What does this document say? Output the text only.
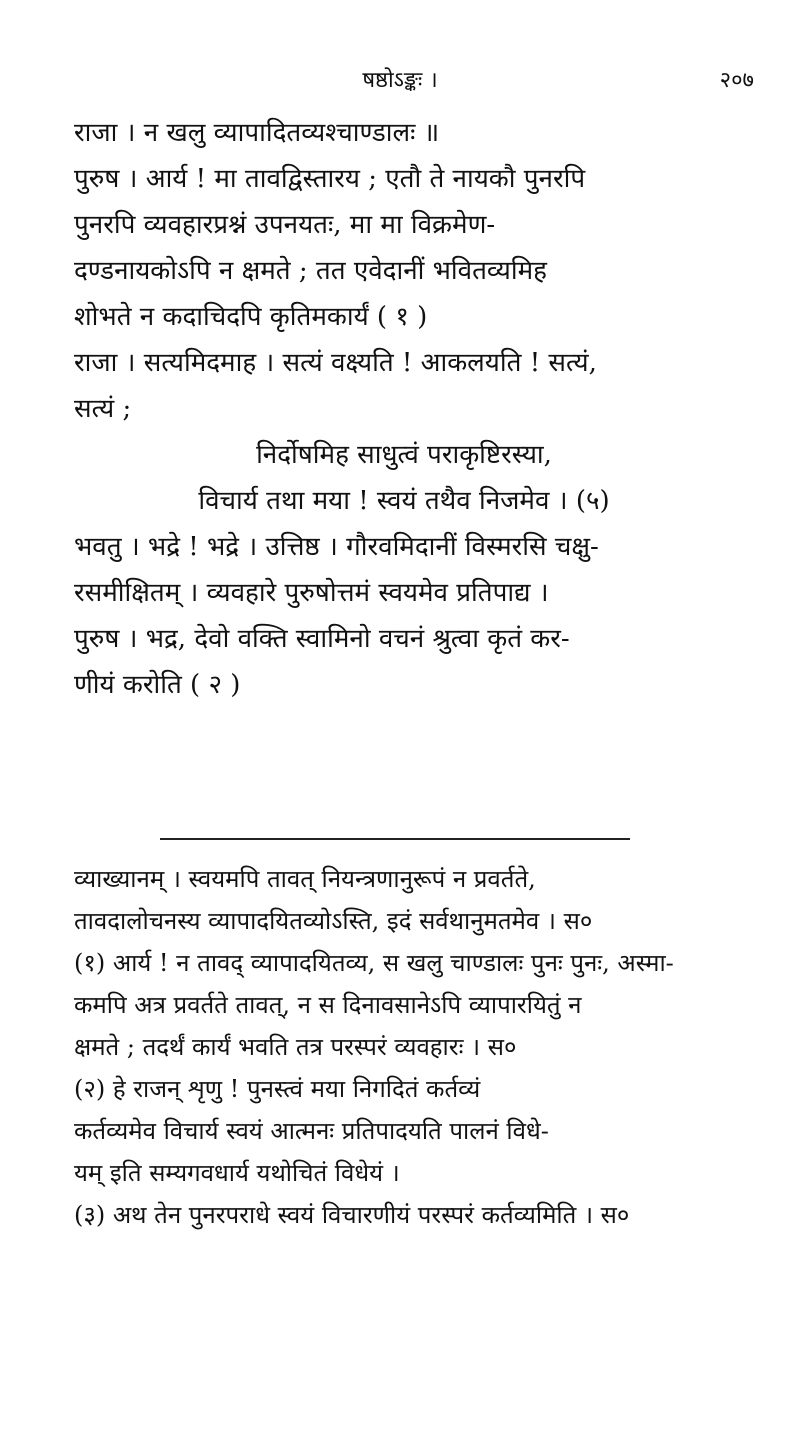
षष्ठोऽङ्कः ।	२०७
राजा । न खलु व्यापादितव्यश्चाण्डालः ॥
पुरुष । आर्य ! मा तावद्विस्तारय ; एतौ ते नायकौ पुनरपि
पुनरपि व्यवहारप्रश्नं उपनयतः, मा मा विक्रमेण-
दण्डनायकोऽपि न क्षमते ; तत एवेदानीं भवितव्यमिह
शोभते न कदाचिदपि कृतिमकार्यं ( १ )
राजा । सत्यमिदमाह । सत्यं वक्ष्यति ! आकलयति ! सत्यं,
सत्यं ;
निर्दोषमिह साधुत्वं पराकृष्टिरस्या,
विचार्य तथा मया ! स्वयं तथैव निजमेव । (५)
भवतु । भद्रे ! भद्रे । उत्तिष्ठ । गौरवमिदानीं विस्मरसि चक्षु-
रसमीक्षितम् । व्यवहारे पुरुषोत्तमं स्वयमेव प्रतिपाद्य ।
पुरुष । भद्र, देवो वक्ति स्वामिनो वचनं श्रुत्वा कृतं कर-
णीयं करोति ( २ )
व्याख्यानम् । स्वयमपि तावत् नियन्त्रणानुरूपं न प्रवर्तते,
तावदालोचनस्य व्यापादयितव्योऽस्ति, इदं सर्वथानुमतमेव । स०
(१) आर्य ! न तावद् व्यापादयितव्य, स खलु चाण्डालः पुनः पुनः, अस्मा-
कमपि अत्र प्रवर्तते तावत्, न स दिनावसानेऽपि व्यापारयितुं न
क्षमते ; तदर्थं कार्यं भवति तत्र परस्परं व्यवहारः । स०
(२) हे राजन् शृणु ! पुनस्त्वं मया निगदितं कर्तव्यं
कर्तव्यमेव विचार्य स्वयं आत्मनः प्रतिपादयति पालनं विधे-
यम् इति सम्यगवधार्य यथोचितं विधेयं ।
(३) अथ तेन पुनरपराधे स्वयं विचारणीयं परस्परं कर्तव्यमिति । स०
